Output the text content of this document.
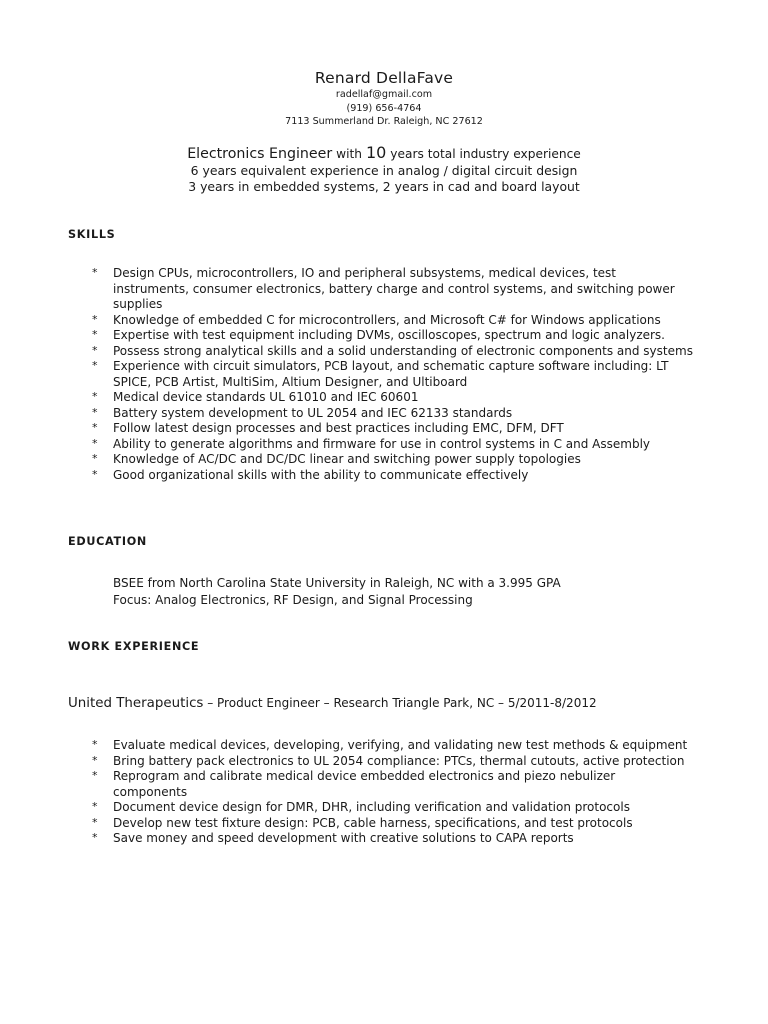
Renard DellaFave
radellaf@gmail.com
(919) 656-4764
7113 Summerland Dr. Raleigh, NC 27612
Electronics Engineer with 10 years total industry experience
6 years equivalent experience in analog / digital circuit design
3 years in embedded systems, 2 years in cad and board layout
SKILLS
* Design CPUs, microcontrollers, IO and peripheral subsystems, medical devices, test instruments, consumer electronics, battery charge and control systems, and switching power supplies
* Knowledge of embedded C for microcontrollers, and Microsoft C# for Windows applications
* Expertise with test equipment including DVMs, oscilloscopes, spectrum and logic analyzers.
* Possess strong analytical skills and a solid understanding of electronic components and systems
* Experience with circuit simulators, PCB layout, and schematic capture software including: LT SPICE, PCB Artist, MultiSim, Altium Designer, and Ultiboard
* Medical device standards UL 61010 and IEC 60601
* Battery system development to UL 2054 and IEC 62133 standards
* Follow latest design processes and best practices including EMC, DFM, DFT
* Ability to generate algorithms and firmware for use in control systems in C and Assembly
* Knowledge of AC/DC and DC/DC linear and switching power supply topologies
* Good organizational skills with the ability to communicate effectively
EDUCATION
BSEE from North Carolina State University in Raleigh, NC with a 3.995 GPA
Focus: Analog Electronics, RF Design, and Signal Processing
WORK EXPERIENCE
United Therapeutics – Product Engineer – Research Triangle Park, NC – 5/2011-8/2012
* Evaluate medical devices, developing, verifying, and validating new test methods & equipment
* Bring battery pack electronics to UL 2054 compliance: PTCs, thermal cutouts, active protection
* Reprogram and calibrate medical device embedded electronics and piezo nebulizer components
* Document device design for DMR, DHR, including verification and validation protocols
* Develop new test fixture design: PCB, cable harness, specifications, and test protocols
* Save money and speed development with creative solutions to CAPA reports
